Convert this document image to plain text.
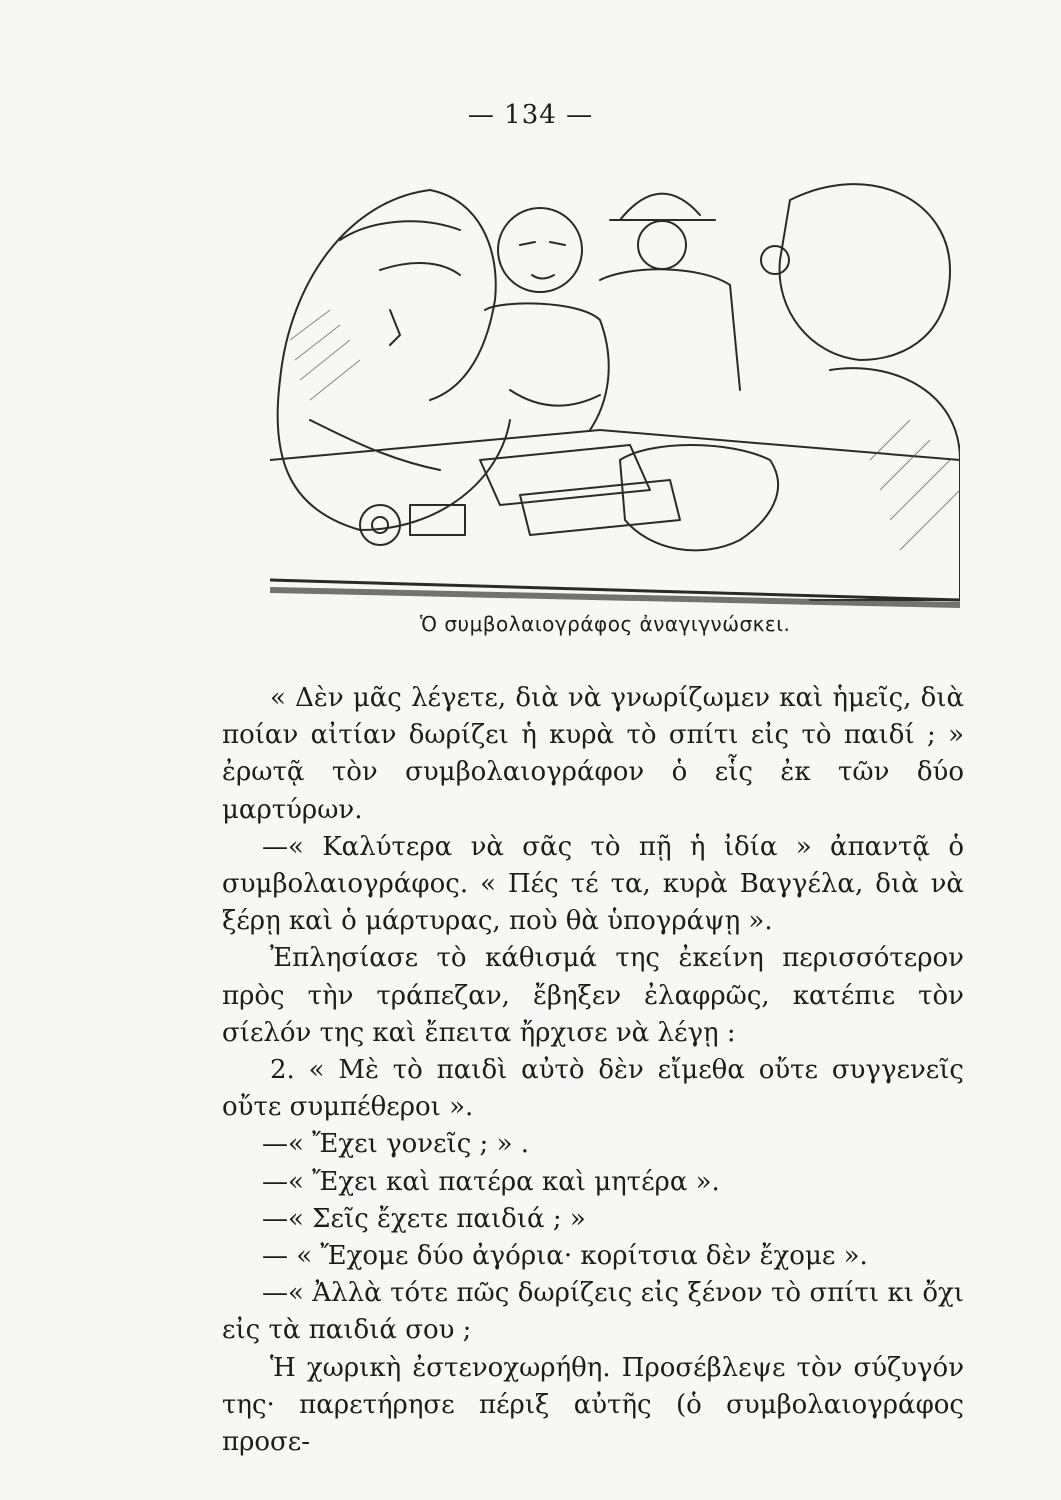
— 134 —
Ὁ συμβολαιογράφος ἀναγιγνώσκει.

« Δὲν μᾶς λέγετε, διὰ νὰ γνωρίζωμεν καὶ ἡμεῖς, διὰ ποίαν αἰτίαν δωρίζει ἡ κυρὰ τὸ σπίτι εἰς τὸ παιδί ; » ἐρωτᾷ τὸν συμβολαιογράφον ὁ εἷς ἐκ τῶν δύο μαρτύρων.

—« Καλύτερα νὰ σᾶς τὸ πῇ ἡ ἰδία » ἀπαντᾷ ὁ συμβολαιογράφος. « Πές τέ τα, κυρὰ Βαγγέλα, διὰ νὰ ξέρῃ καὶ ὁ μάρτυρας, ποὺ θὰ ὑπογράψῃ ».

Ἐπλησίασε τὸ κάθισμά της ἐκείνη περισσότερον πρὸς τὴν τράπεζαν, ἔβηξεν ἐλαφρῶς, κατέπιε τὸν σίελόν της καὶ ἔπειτα ἤρχισε νὰ λέγῃ :

2. « Μὲ τὸ παιδὶ αὐτὸ δὲν εἴμεθα οὔτε συγγενεῖς οὔτε συμπέθεροι ».

—« Ἔχει γονεῖς ; » .

—« Ἔχει καὶ πατέρα καὶ μητέρα ».

—« Σεῖς ἔχετε παιδιά ; »

— « Ἔχομε δύο ἀγόρια· κορίτσια δὲν ἔχομε ».

—« Ἀλλὰ τότε πῶς δωρίζεις εἰς ξένον τὸ σπίτι κι ὄχι εἰς τὰ παιδιά σου ;

Ἡ χωρικὴ ἐστενοχωρήθη. Προσέβλεψε τὸν σύζυγόν της· παρετήρησε πέριξ αὐτῆς (ὁ συμβολαιογράφος προσε-
